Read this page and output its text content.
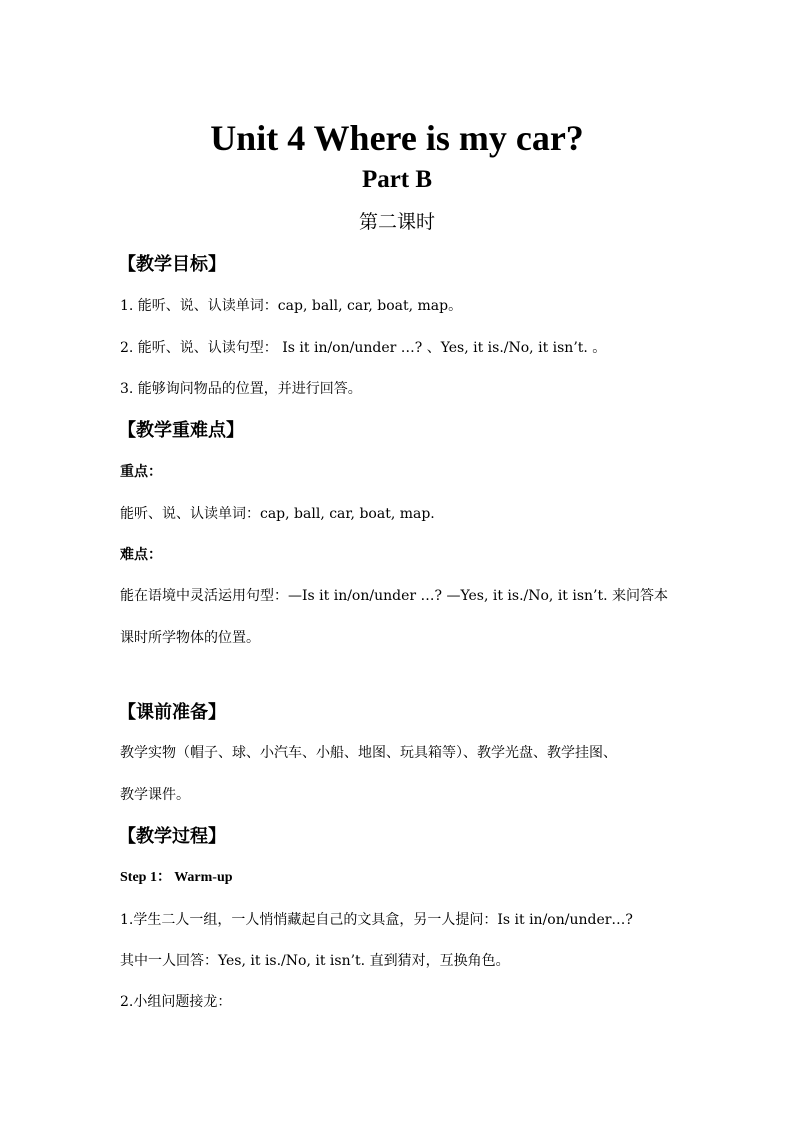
Unit 4 Where is my car?
Part B
第二课时
【教学目标】
1. 能听、说、认读单词：cap, ball, car, boat, map。
2. 能听、说、认读句型： Is it in/on/under …? 、Yes, it is./No, it isn’t. 。
3. 能够询问物品的位置，并进行回答。
【教学重难点】
重点：
能听、说、认读单词：cap, ball, car, boat, map.
难点：
能在语境中灵活运用句型：—Is it in/on/under …? —Yes, it is./No, it isn’t. 来问答本
课时所学物体的位置。
【课前准备】
教学实物（帽子、球、小汽车、小船、地图、玩具箱等）、教学光盘、教学挂图、
教学课件。
【教学过程】
Step 1： Warm-up
1.学生二人一组，一人悄悄藏起自己的文具盒，另一人提问：Is it in/on/under…?
其中一人回答：Yes, it is./No, it isn’t. 直到猜对，互换角色。
2.小组问题接龙：
